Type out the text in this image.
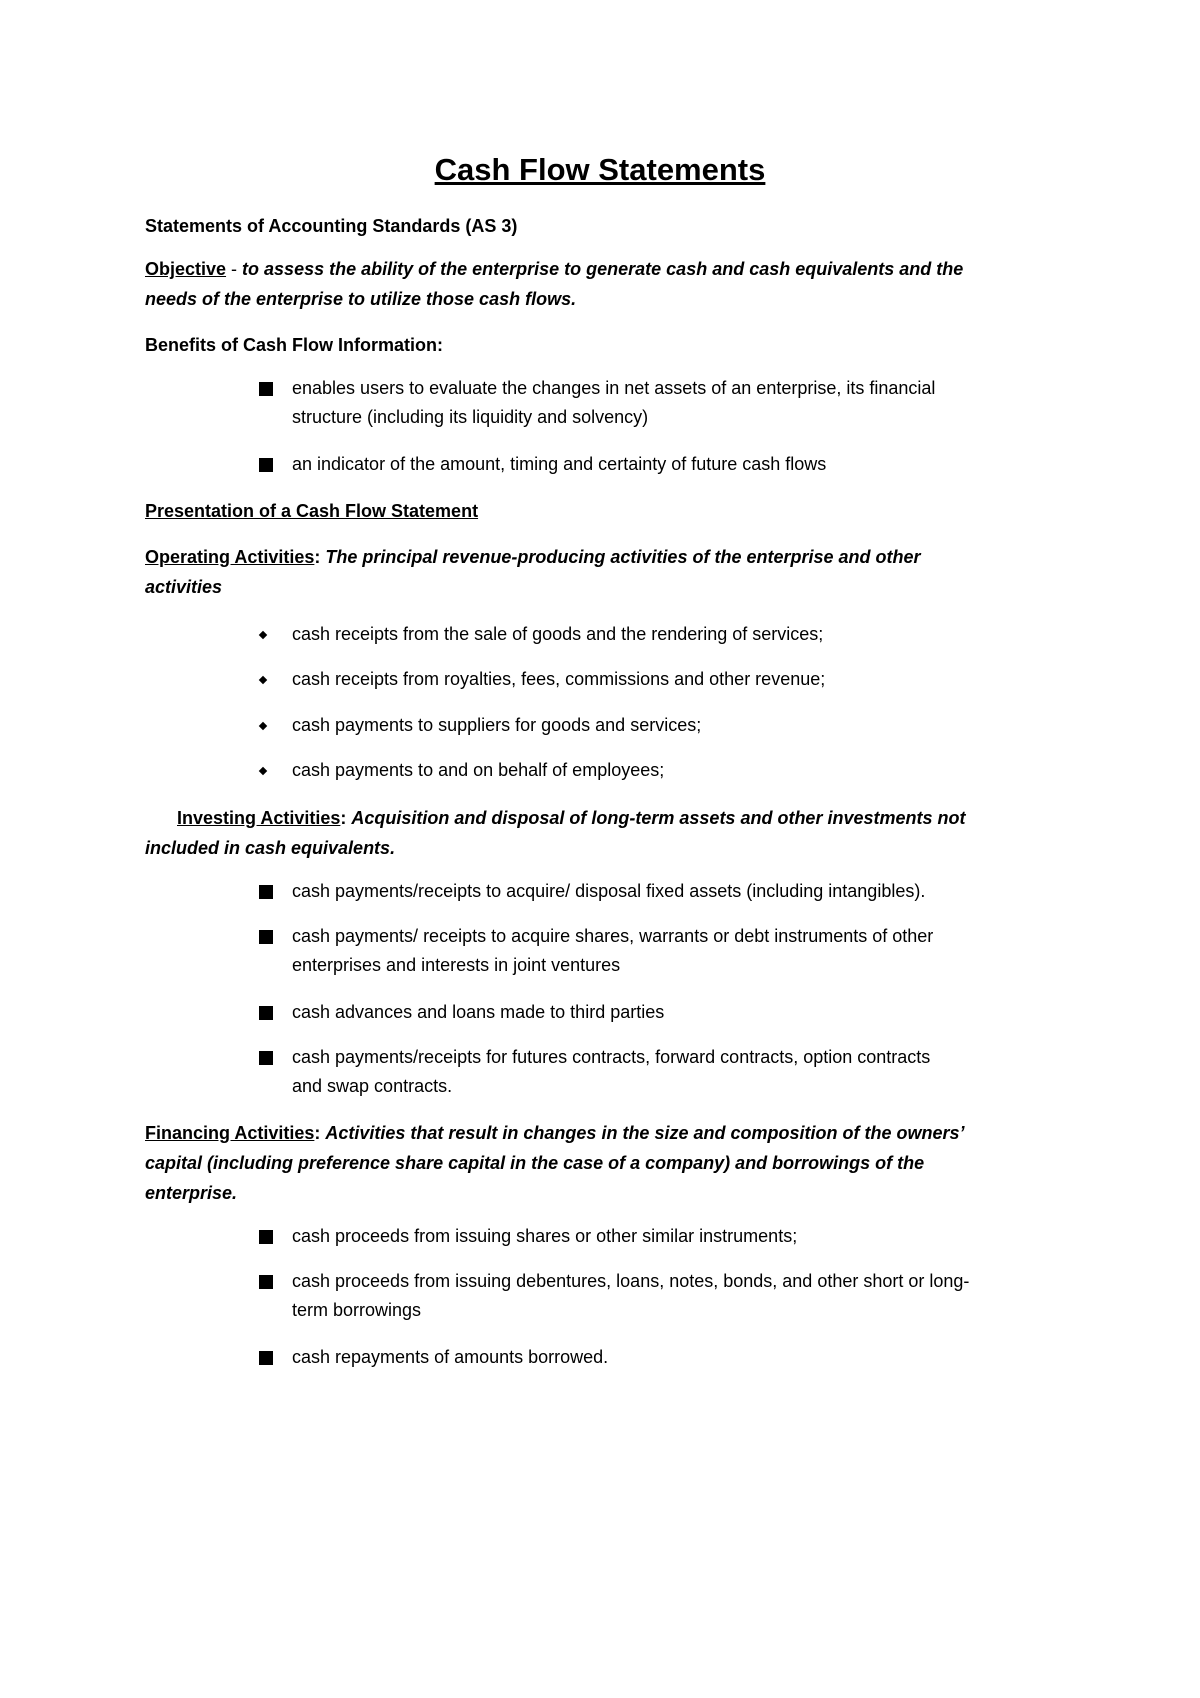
Cash Flow Statements
Statements of Accounting Standards (AS 3)
Objective - to assess the ability of the enterprise to generate cash and cash equivalents and the
needs of the enterprise to utilize those cash flows.
Benefits of Cash Flow Information:
enables users to evaluate the changes in net assets of an enterprise, its financial
structure (including its liquidity and solvency)
an indicator of the amount, timing and certainty of future cash flows
Presentation of a Cash Flow Statement
Operating Activities: The principal revenue-producing activities of the enterprise and other
activities
cash receipts from the sale of goods and the rendering of services;
cash receipts from royalties, fees, commissions and other revenue;
cash payments to suppliers for goods and services;
cash payments to and on behalf of employees;
Investing Activities: Acquisition and disposal of long-term assets and other investments not
included in cash equivalents.
cash payments/receipts to acquire/ disposal fixed assets (including intangibles).
cash payments/ receipts to acquire shares, warrants or debt instruments of other
enterprises and interests in joint ventures
cash advances and loans made to third parties
cash payments/receipts for futures contracts, forward contracts, option contracts
and swap contracts.
Financing Activities: Activities that result in changes in the size and composition of the owners’
capital (including preference share capital in the case of a company) and borrowings of the
enterprise.
cash proceeds from issuing shares or other similar instruments;
cash proceeds from issuing debentures, loans, notes, bonds, and other short or long-
term borrowings
cash repayments of amounts borrowed.
